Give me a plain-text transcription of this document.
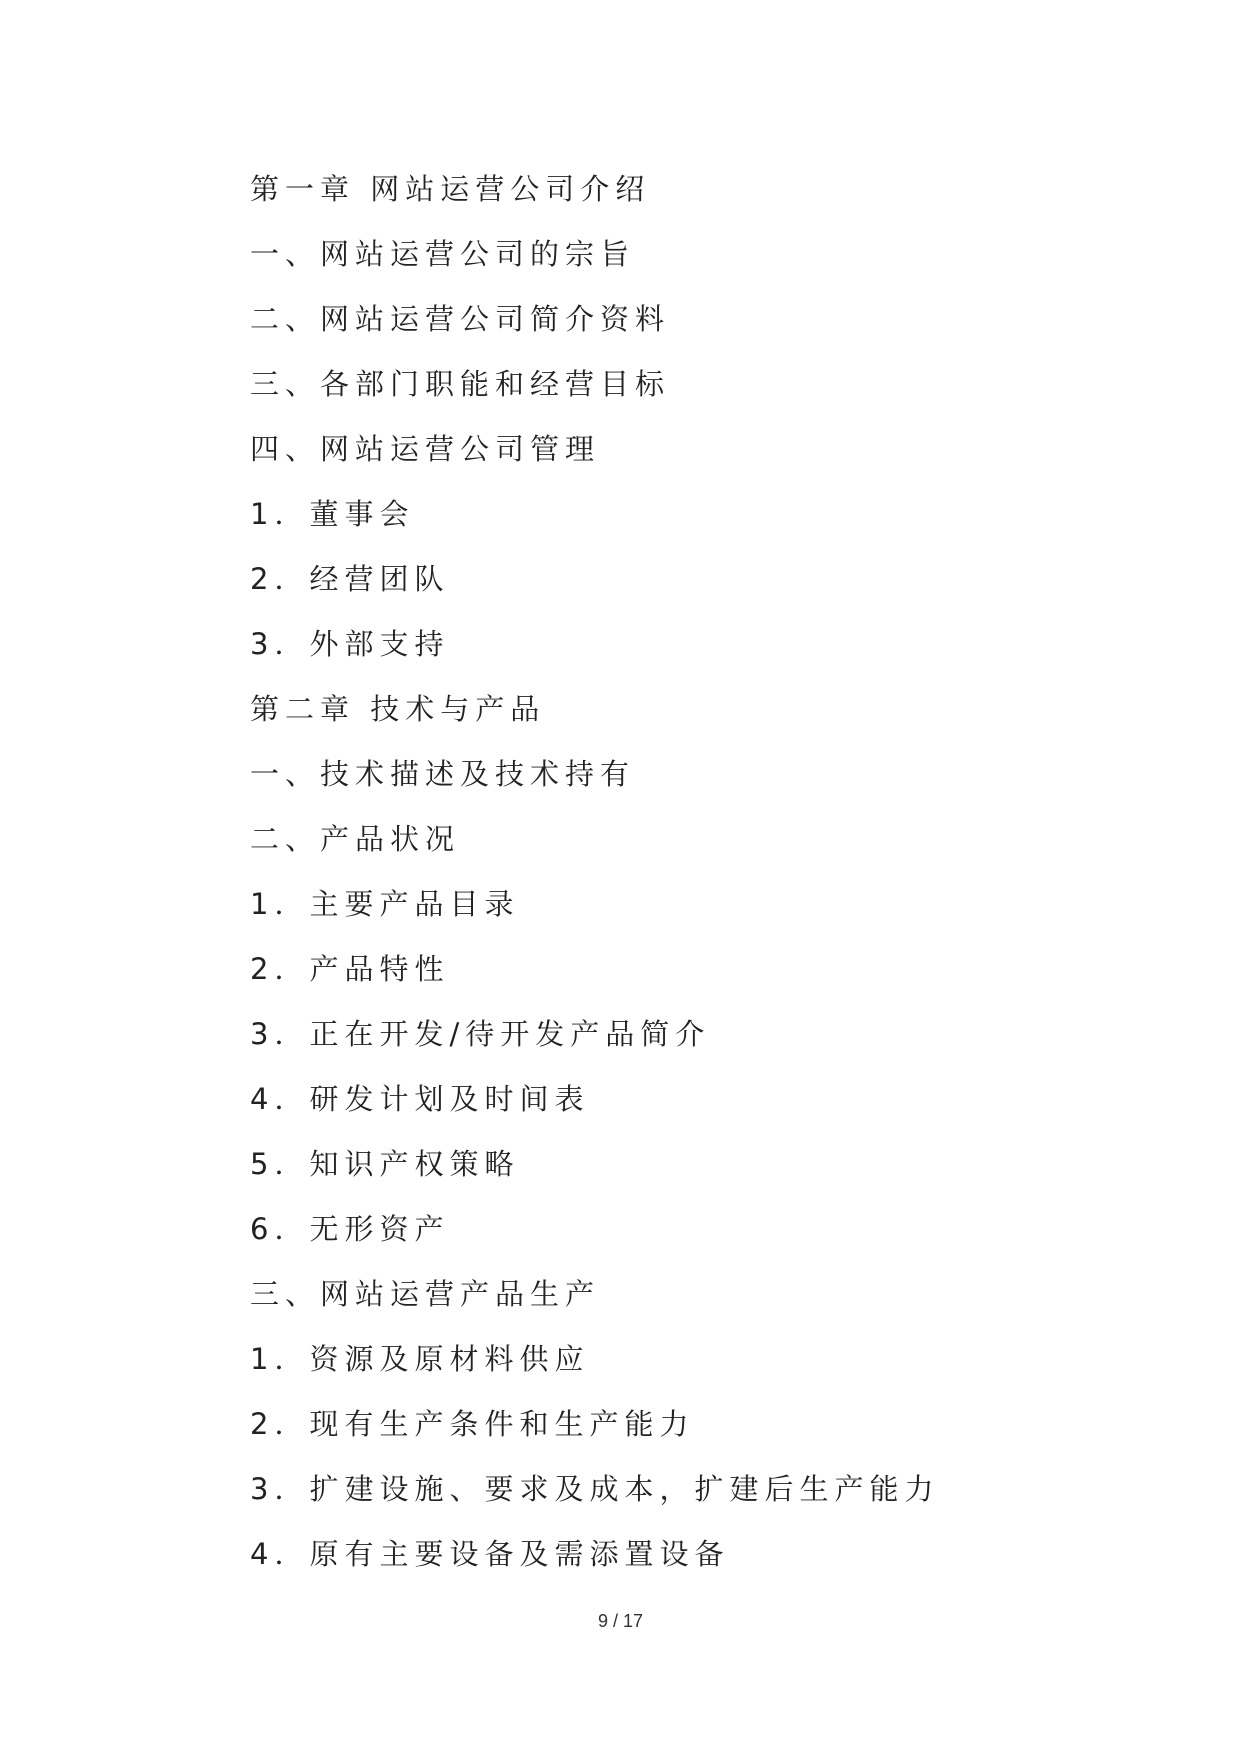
第一章 网站运营公司介绍
一、网站运营公司的宗旨
二、网站运营公司简介资料
三、各部门职能和经营目标
四、网站运营公司管理
1．董事会
2．经营团队
3．外部支持
第二章 技术与产品
一、技术描述及技术持有
二、产品状况
1．主要产品目录
2．产品特性
3．正在开发/待开发产品简介
4．研发计划及时间表
5．知识产权策略
6．无形资产
三、网站运营产品生产
1．资源及原材料供应
2．现有生产条件和生产能力
3．扩建设施、要求及成本，扩建后生产能力
4．原有主要设备及需添置设备
9 / 17
